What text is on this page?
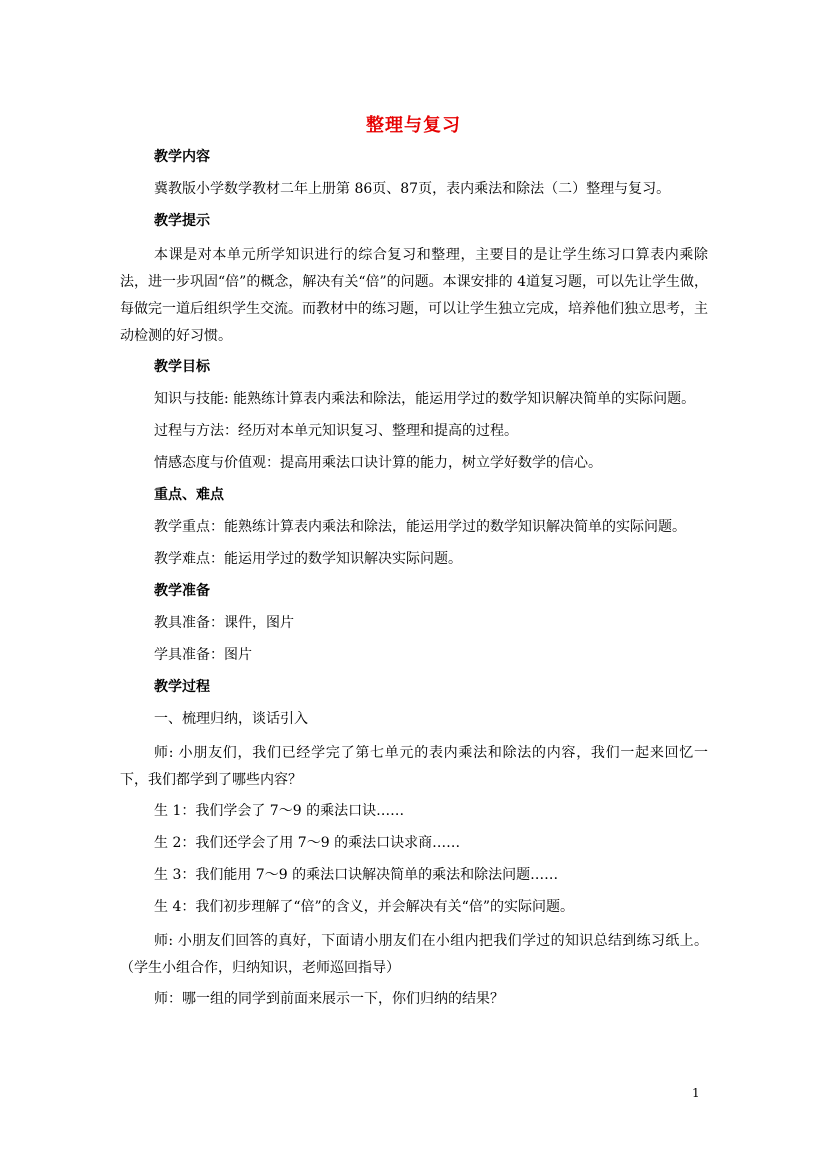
整理与复习
教学内容
冀教版小学数学教材二年上册第 86页、87页，表内乘法和除法（二）整理与复习。
教学提示
本课是对本单元所学知识进行的综合复习和整理，主要目的是让学生练习口算表内乘除法，进一步巩固“倍”的概念，解决有关“倍”的问题。本课安排的 4道复习题，可以先让学生做，每做完一道后组织学生交流。而教材中的练习题，可以让学生独立完成，培养他们独立思考，主动检测的好习惯。
教学目标
知识与技能: 能熟练计算表内乘法和除法，能运用学过的数学知识解决简单的实际问题。
过程与方法：经历对本单元知识复习、整理和提高的过程。
情感态度与价值观：提高用乘法口诀计算的能力，树立学好数学的信心。
重点、难点
教学重点：能熟练计算表内乘法和除法，能运用学过的数学知识解决简单的实际问题。
教学难点：能运用学过的数学知识解决实际问题。
教学准备
教具准备：课件，图片
学具准备：图片
教学过程
一、梳理归纳，谈话引入
师: 小朋友们，我们已经学完了第七单元的表内乘法和除法的内容，我们一起来回忆一下，我们都学到了哪些内容？
生 1：我们学会了 7～9 的乘法口诀……
生 2：我们还学会了用 7～9 的乘法口诀求商……
生 3：我们能用 7～9 的乘法口诀解决简单的乘法和除法问题……
生 4：我们初步理解了“倍”的含义，并会解决有关“倍”的实际问题。
师: 小朋友们回答的真好，下面请小朋友们在小组内把我们学过的知识总结到练习纸上。（学生小组合作，归纳知识，老师巡回指导）
师：哪一组的同学到前面来展示一下，你们归纳的结果？
1
